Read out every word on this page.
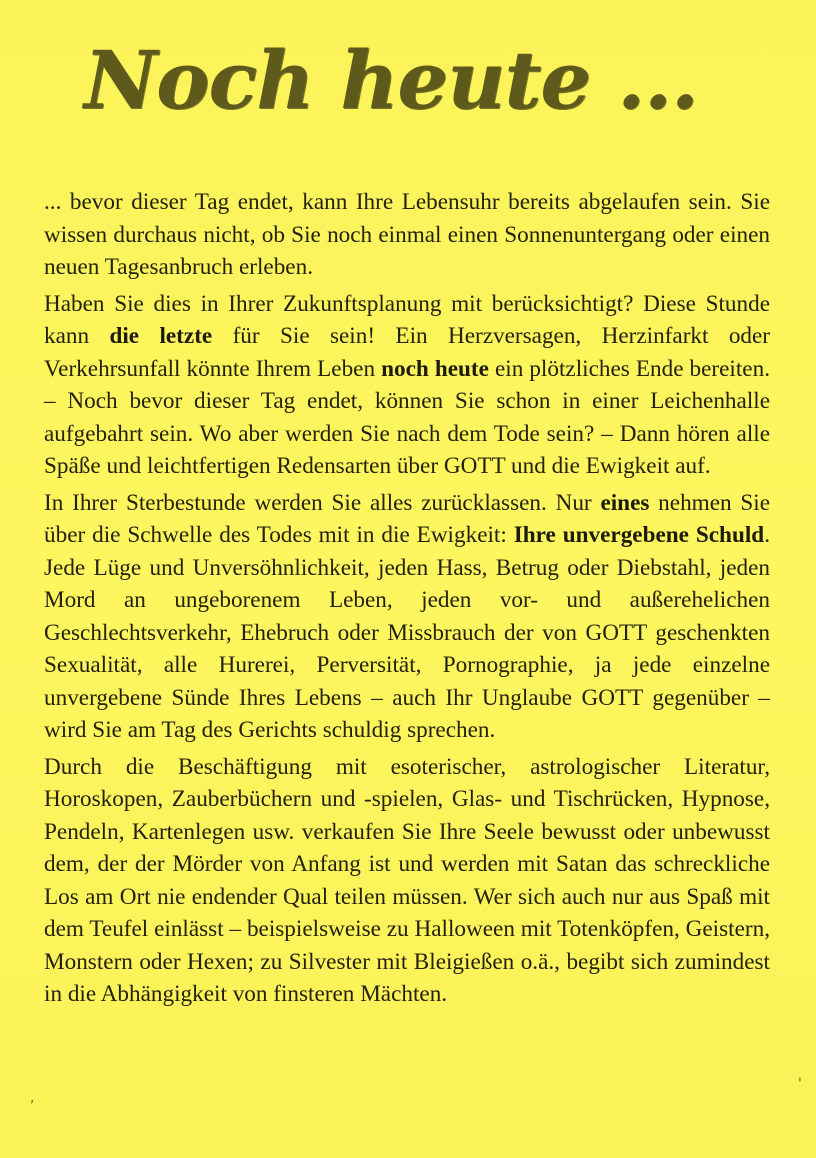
Noch heute ...

... bevor dieser Tag endet, kann Ihre Lebensuhr bereits abgelaufen sein. Sie wissen durchaus nicht, ob Sie noch einmal einen Sonnenuntergang oder einen neuen Tagesanbruch erleben.

Haben Sie dies in Ihrer Zukunftsplanung mit berücksichtigt? Diese Stunde kann die letzte für Sie sein! Ein Herzversagen, Herzinfarkt oder Verkehrsunfall könnte Ihrem Leben noch heute ein plötzliches Ende bereiten. – Noch bevor dieser Tag endet, können Sie schon in einer Leichenhalle aufgebahrt sein. Wo aber werden Sie nach dem Tode sein? – Dann hören alle Späße und leichtfertigen Redensarten über GOTT und die Ewigkeit auf.

In Ihrer Sterbestunde werden Sie alles zurücklassen. Nur eines nehmen Sie über die Schwelle des Todes mit in die Ewigkeit: Ihre unvergebene Schuld. Jede Lüge und Unversöhnlichkeit, jeden Hass, Betrug oder Diebstahl, jeden Mord an ungeborenem Leben, jeden vor- und außerehelichen Geschlechtsverkehr, Ehebruch oder Missbrauch der von GOTT geschenkten Sexualität, alle Hurerei, Perversität, Pornographie, ja jede einzelne unvergebene Sünde Ihres Lebens – auch Ihr Unglaube GOTT gegenüber – wird Sie am Tag des Gerichts schuldig sprechen.

Durch die Beschäftigung mit esoterischer, astrologischer Literatur, Horoskopen, Zauberbüchern und -spielen, Glas- und Tischrücken, Hypnose, Pendeln, Kartenlegen usw. verkaufen Sie Ihre Seele bewusst oder unbewusst dem, der der Mörder von Anfang ist und werden mit Satan das schreckliche Los am Ort nie endender Qual teilen müssen. Wer sich auch nur aus Spaß mit dem Teufel einlässt – beispielsweise zu Halloween mit Totenköpfen, Geistern, Monstern oder Hexen; zu Silvester mit Bleigießen o.ä., begibt sich zumindest in die Abhängigkeit von finsteren Mächten.

,
'
